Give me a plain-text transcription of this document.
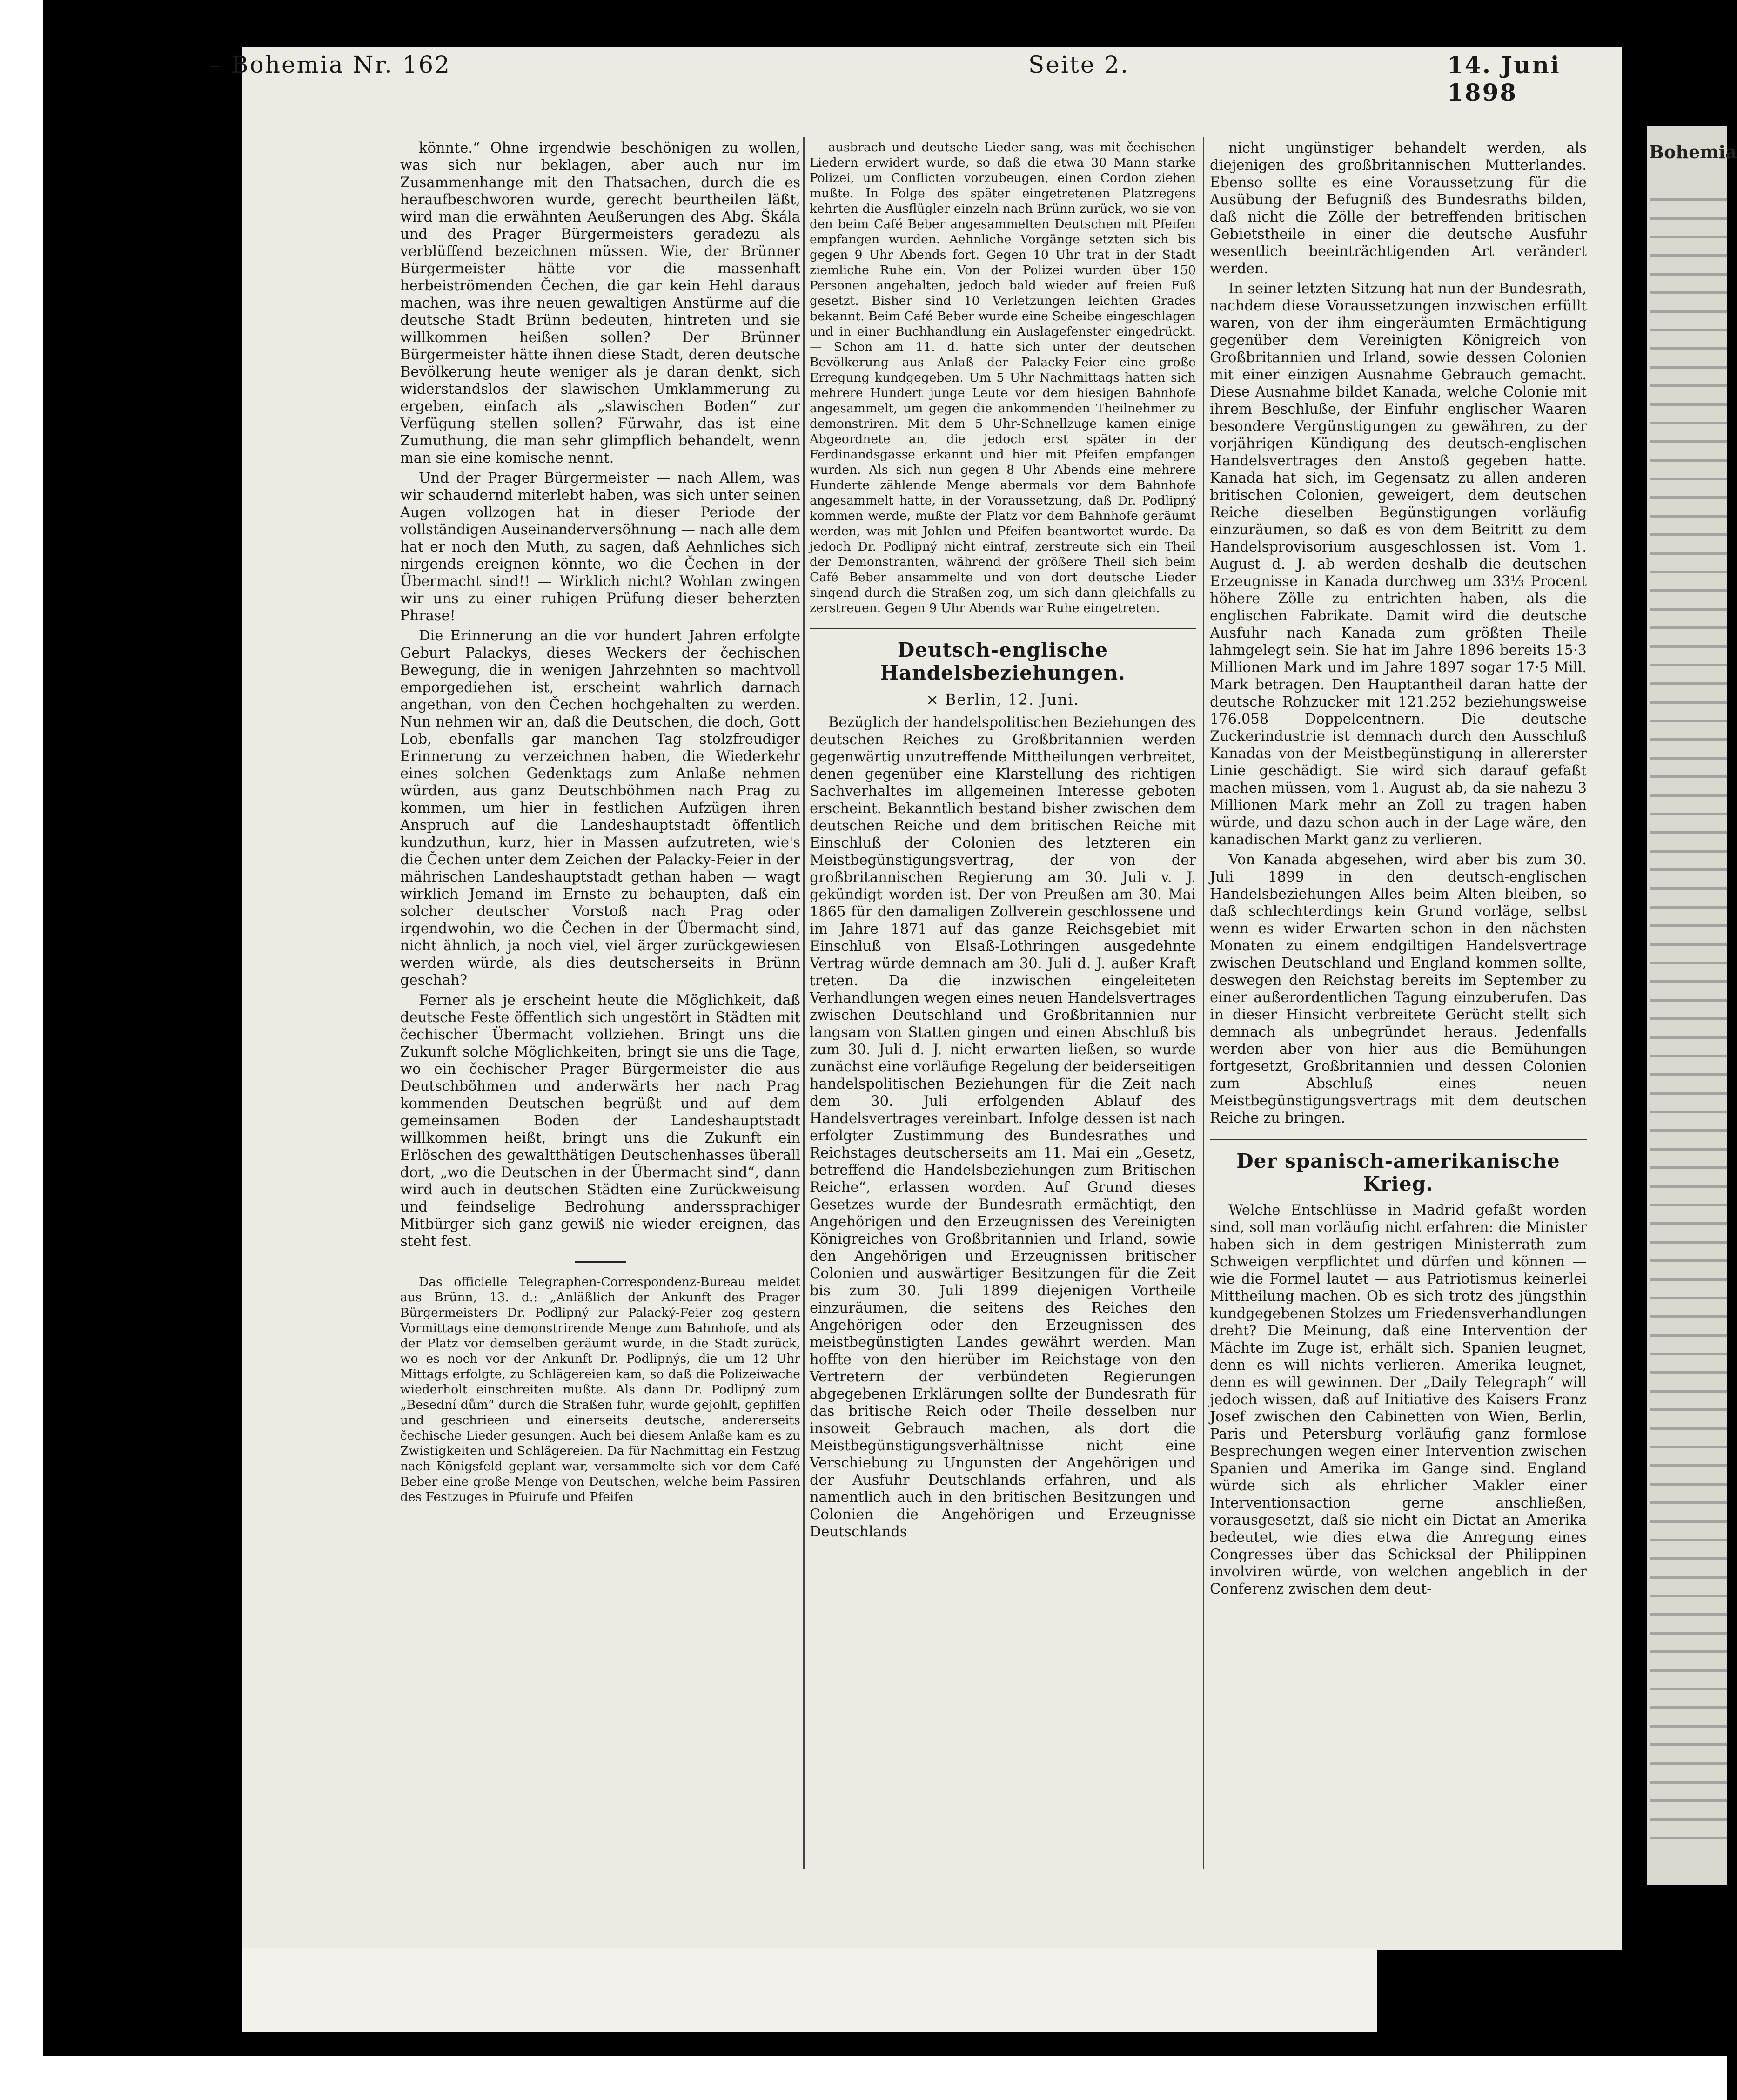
Bohemia
– Bohemia Nr. 162	Seite 2.	14. Juni 1898

könnte.“ Ohne irgendwie beschönigen zu wollen, was sich nur beklagen, aber auch nur im Zusammenhange mit den Thatsachen, durch die es heraufbeschworen wurde, gerecht beurtheilen läßt, wird man die erwähnten Aeußerungen des Abg. Škála und des Prager Bürgermeisters geradezu als verblüffend bezeichnen müssen. Wie, der Brünner Bürgermeister hätte vor die massenhaft herbeiströmenden Čechen, die gar kein Hehl daraus machen, was ihre neuen gewaltigen Anstürme auf die deutsche Stadt Brünn bedeuten, hintreten und sie willkommen heißen sollen? Der Brünner Bürgermeister hätte ihnen diese Stadt, deren deutsche Bevölkerung heute weniger als je daran denkt, sich widerstandslos der slawischen Umklammerung zu ergeben, einfach als „slawischen Boden“ zur Verfügung stellen sollen? Fürwahr, das ist eine Zumuthung, die man sehr glimpflich behandelt, wenn man sie eine komische nennt.

Und der Prager Bürgermeister — nach Allem, was wir schaudernd miterlebt haben, was sich unter seinen Augen vollzogen hat in dieser Periode der vollständigen Auseinanderversöhnung — nach alle dem hat er noch den Muth, zu sagen, daß Aehnliches sich nirgends ereignen könnte, wo die Čechen in der Übermacht sind!! — Wirklich nicht? Wohlan zwingen wir uns zu einer ruhigen Prüfung dieser beherzten Phrase!

Die Erinnerung an die vor hundert Jahren erfolgte Geburt Palackys, dieses Weckers der čechischen Bewegung, die in wenigen Jahrzehnten so machtvoll emporgediehen ist, erscheint wahrlich darnach angethan, von den Čechen hochgehalten zu werden. Nun nehmen wir an, daß die Deutschen, die doch, Gott Lob, ebenfalls gar manchen Tag stolzfreudiger Erinnerung zu verzeichnen haben, die Wiederkehr eines solchen Gedenktags zum Anlaße nehmen würden, aus ganz Deutschböhmen nach Prag zu kommen, um hier in festlichen Aufzügen ihren Anspruch auf die Landeshauptstadt öffentlich kundzuthun, kurz, hier in Massen aufzutreten, wie's die Čechen unter dem Zeichen der Palacky-Feier in der mährischen Landeshauptstadt gethan haben — wagt wirklich Jemand im Ernste zu behaupten, daß ein solcher deutscher Vorstoß nach Prag oder irgendwohin, wo die Čechen in der Übermacht sind, nicht ähnlich, ja noch viel, viel ärger zurückgewiesen werden würde, als dies deutscherseits in Brünn geschah?

Ferner als je erscheint heute die Möglichkeit, daß deutsche Feste öffentlich sich ungestört in Städten mit čechischer Übermacht vollziehen. Bringt uns die Zukunft solche Möglichkeiten, bringt sie uns die Tage, wo ein čechischer Prager Bürgermeister die aus Deutschböhmen und anderwärts her nach Prag kommenden Deutschen begrüßt und auf dem gemeinsamen Boden der Landeshauptstadt willkommen heißt, bringt uns die Zukunft ein Erlöschen des gewaltthätigen Deutschenhasses überall dort, „wo die Deutschen in der Übermacht sind“, dann wird auch in deutschen Städten eine Zurückweisung und feindselige Bedrohung anderssprachiger Mitbürger sich ganz gewiß nie wieder ereignen, das steht fest.

Das officielle Telegraphen-Correspondenz-Bureau meldet aus Brünn, 13. d.: „Anläßlich der Ankunft des Prager Bürgermeisters Dr. Podlipný zur Palacký-Feier zog gestern Vormittags eine demonstrirende Menge zum Bahnhofe, und als der Platz vor demselben geräumt wurde, in die Stadt zurück, wo es noch vor der Ankunft Dr. Podlipnýs, die um 12 Uhr Mittags erfolgte, zu Schlägereien kam, so daß die Polizeiwache wiederholt einschreiten mußte. Als dann Dr. Podlipný zum „Besední dům“ durch die Straßen fuhr, wurde gejohlt, gepfiffen und geschrieen und einerseits deutsche, andererseits čechische Lieder gesungen. Auch bei diesem Anlaße kam es zu Zwistigkeiten und Schlägereien. Da für Nachmittag ein Festzug nach Königsfeld geplant war, versammelte sich vor dem Café Beber eine große Menge von Deutschen, welche beim Passiren des Festzuges in Pfuirufe und Pfeifen

ausbrach und deutsche Lieder sang, was mit čechischen Liedern erwidert wurde, so daß die etwa 30 Mann starke Polizei, um Conflicten vorzubeugen, einen Cordon ziehen mußte. In Folge des später eingetretenen Platzregens kehrten die Ausflügler einzeln nach Brünn zurück, wo sie von den beim Café Beber angesammelten Deutschen mit Pfeifen empfangen wurden. Aehnliche Vorgänge setzten sich bis gegen 9 Uhr Abends fort. Gegen 10 Uhr trat in der Stadt ziemliche Ruhe ein. Von der Polizei wurden über 150 Personen angehalten, jedoch bald wieder auf freien Fuß gesetzt. Bisher sind 10 Verletzungen leichten Grades bekannt. Beim Café Beber wurde eine Scheibe eingeschlagen und in einer Buchhandlung ein Auslagefenster eingedrückt. — Schon am 11. d. hatte sich unter der deutschen Bevölkerung aus Anlaß der Palacky-Feier eine große Erregung kundgegeben. Um 5 Uhr Nachmittags hatten sich mehrere Hundert junge Leute vor dem hiesigen Bahnhofe angesammelt, um gegen die ankommenden Theilnehmer zu demonstriren. Mit dem 5 Uhr-Schnellzuge kamen einige Abgeordnete an, die jedoch erst später in der Ferdinandsgasse erkannt und hier mit Pfeifen empfangen wurden. Als sich nun gegen 8 Uhr Abends eine mehrere Hunderte zählende Menge abermals vor dem Bahnhofe angesammelt hatte, in der Voraussetzung, daß Dr. Podlipný kommen werde, mußte der Platz vor dem Bahnhofe geräumt werden, was mit Johlen und Pfeifen beantwortet wurde. Da jedoch Dr. Podlipný nicht eintraf, zerstreute sich ein Theil der Demonstranten, während der größere Theil sich beim Café Beber ansammelte und von dort deutsche Lieder singend durch die Straßen zog, um sich dann gleichfalls zu zerstreuen. Gegen 9 Uhr Abends war Ruhe eingetreten.

Deutsch-englische Handelsbeziehungen.
⨯ Berlin, 12. Juni.

Bezüglich der handelspolitischen Beziehungen des deutschen Reiches zu Großbritannien werden gegenwärtig unzutreffende Mittheilungen verbreitet, denen gegenüber eine Klarstellung des richtigen Sachverhaltes im allgemeinen Interesse geboten erscheint. Bekanntlich bestand bisher zwischen dem deutschen Reiche und dem britischen Reiche mit Einschluß der Colonien des letzteren ein Meistbegünstigungsvertrag, der von der großbritannischen Regierung am 30. Juli v. J. gekündigt worden ist. Der von Preußen am 30. Mai 1865 für den damaligen Zollverein geschlossene und im Jahre 1871 auf das ganze Reichsgebiet mit Einschluß von Elsaß-Lothringen ausgedehnte Vertrag würde demnach am 30. Juli d. J. außer Kraft treten. Da die inzwischen eingeleiteten Verhandlungen wegen eines neuen Handelsvertrages zwischen Deutschland und Großbritannien nur langsam von Statten gingen und einen Abschluß bis zum 30. Juli d. J. nicht erwarten ließen, so wurde zunächst eine vorläufige Regelung der beiderseitigen handelspolitischen Beziehungen für die Zeit nach dem 30. Juli erfolgenden Ablauf des Handelsvertrages vereinbart. Infolge dessen ist nach erfolgter Zustimmung des Bundesrathes und Reichstages deutscherseits am 11. Mai ein „Gesetz, betreffend die Handelsbeziehungen zum Britischen Reiche“, erlassen worden. Auf Grund dieses Gesetzes wurde der Bundesrath ermächtigt, den Angehörigen und den Erzeugnissen des Vereinigten Königreiches von Großbritannien und Irland, sowie den Angehörigen und Erzeugnissen britischer Colonien und auswärtiger Besitzungen für die Zeit bis zum 30. Juli 1899 diejenigen Vortheile einzuräumen, die seitens des Reiches den Angehörigen oder den Erzeugnissen des meistbegünstigten Landes gewährt werden. Man hoffte von den hierüber im Reichstage von den Vertretern der verbündeten Regierungen abgegebenen Erklärungen sollte der Bundesrath für das britische Reich oder Theile desselben nur insoweit Gebrauch machen, als dort die Meistbegünstigungsverhältnisse nicht eine Verschiebung zu Ungunsten der Angehörigen und der Ausfuhr Deutschlands erfahren, und als namentlich auch in den britischen Besitzungen und Colonien die Angehörigen und Erzeugnisse Deutschlands

nicht ungünstiger behandelt werden, als diejenigen des großbritannischen Mutterlandes. Ebenso sollte es eine Voraussetzung für die Ausübung der Befugniß des Bundesraths bilden, daß nicht die Zölle der betreffenden britischen Gebietstheile in einer die deutsche Ausfuhr wesentlich beeinträchtigenden Art verändert werden.

In seiner letzten Sitzung hat nun der Bundesrath, nachdem diese Voraussetzungen inzwischen erfüllt waren, von der ihm eingeräumten Ermächtigung gegenüber dem Vereinigten Königreich von Großbritannien und Irland, sowie dessen Colonien mit einer einzigen Ausnahme Gebrauch gemacht. Diese Ausnahme bildet Kanada, welche Colonie mit ihrem Beschluße, der Einfuhr englischer Waaren besondere Vergünstigungen zu gewähren, zu der vorjährigen Kündigung des deutsch-englischen Handelsvertrages den Anstoß gegeben hatte. Kanada hat sich, im Gegensatz zu allen anderen britischen Colonien, geweigert, dem deutschen Reiche dieselben Begünstigungen vorläufig einzuräumen, so daß es von dem Beitritt zu dem Handelsprovisorium ausgeschlossen ist. Vom 1. August d. J. ab werden deshalb die deutschen Erzeugnisse in Kanada durchweg um 33⅓ Procent höhere Zölle zu entrichten haben, als die englischen Fabrikate. Damit wird die deutsche Ausfuhr nach Kanada zum größten Theile lahmgelegt sein. Sie hat im Jahre 1896 bereits 15·3 Millionen Mark und im Jahre 1897 sogar 17·5 Mill. Mark betragen. Den Hauptantheil daran hatte der deutsche Rohzucker mit 121.252 beziehungsweise 176.058 Doppelcentnern. Die deutsche Zuckerindustrie ist demnach durch den Ausschluß Kanadas von der Meistbegünstigung in allererster Linie geschädigt. Sie wird sich darauf gefaßt machen müssen, vom 1. August ab, da sie nahezu 3 Millionen Mark mehr an Zoll zu tragen haben würde, und dazu schon auch in der Lage wäre, den kanadischen Markt ganz zu verlieren.

Von Kanada abgesehen, wird aber bis zum 30. Juli 1899 in den deutsch-englischen Handelsbeziehungen Alles beim Alten bleiben, so daß schlechterdings kein Grund vorläge, selbst wenn es wider Erwarten schon in den nächsten Monaten zu einem endgiltigen Handelsvertrage zwischen Deutschland und England kommen sollte, deswegen den Reichstag bereits im September zu einer außerordentlichen Tagung einzuberufen. Das in dieser Hinsicht verbreitete Gerücht stellt sich demnach als unbegründet heraus. Jedenfalls werden aber von hier aus die Bemühungen fortgesetzt, Großbritannien und dessen Colonien zum Abschluß eines neuen Meistbegünstigungsvertrags mit dem deutschen Reiche zu bringen.

Der spanisch-amerikanische Krieg.

Welche Entschlüsse in Madrid gefaßt worden sind, soll man vorläufig nicht erfahren: die Minister haben sich in dem gestrigen Ministerrath zum Schweigen verpflichtet und dürfen und können — wie die Formel lautet — aus Patriotismus keinerlei Mittheilung machen. Ob es sich trotz des jüngsthin kundgegebenen Stolzes um Friedensverhandlungen dreht? Die Meinung, daß eine Intervention der Mächte im Zuge ist, erhält sich. Spanien leugnet, denn es will nichts verlieren. Amerika leugnet, denn es will gewinnen. Der „Daily Telegraph“ will jedoch wissen, daß auf Initiative des Kaisers Franz Josef zwischen den Cabinetten von Wien, Berlin, Paris und Petersburg vorläufig ganz formlose Besprechungen wegen einer Intervention zwischen Spanien und Amerika im Gange sind. England würde sich als ehrlicher Makler einer Interventionsaction gerne anschließen, vorausgesetzt, daß sie nicht ein Dictat an Amerika bedeutet, wie dies etwa die Anregung eines Congresses über das Schicksal der Philippinen involviren würde, von welchen angeblich in der Conferenz zwischen dem deut-
